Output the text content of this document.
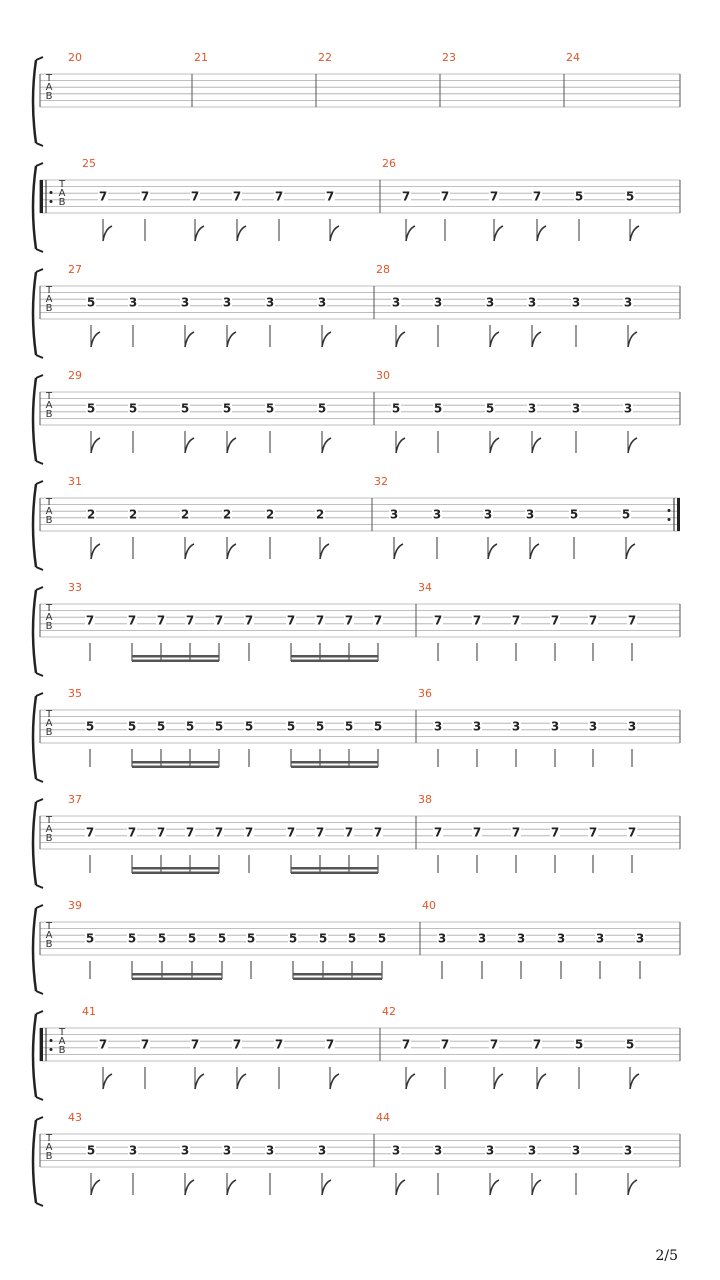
T
A
B
20	21	22	23	24
T
A
B
25
7	7	7	7	7	7
26
7	7	7	7	5	5
T
A
B
27
5	3	3	3	3	3
28
3	3	3	3	3	3
T
A
B
29
5	5	5	5	5	5
30
5	5	5	3	3	3
T
A
B
31
2	2	2	2	2	2
32
3	3	3	3	5	5
T
A
B
33
7	7 7 7 7 7	7 7 7 7
34
7	7	7	7 7	7
T
A
B
35
5	5 5 5 5 5	5 5 5 5
36
3	3	3	3 3	3
T
A
B
37
7	7 7 7 7 7	7 7 7 7
38
7	7	7	7 7	7
T
A
B
39
5	5 5 5 5 5	5 5 5 5
40
3	3	3	3	3	3
T
A
B
41
7	7	7	7	7	7
42
7	7	7	7	5	5
T
A
B
43
5	3	3	3	3	3
44
3	3	3	3	3	3
2/5
